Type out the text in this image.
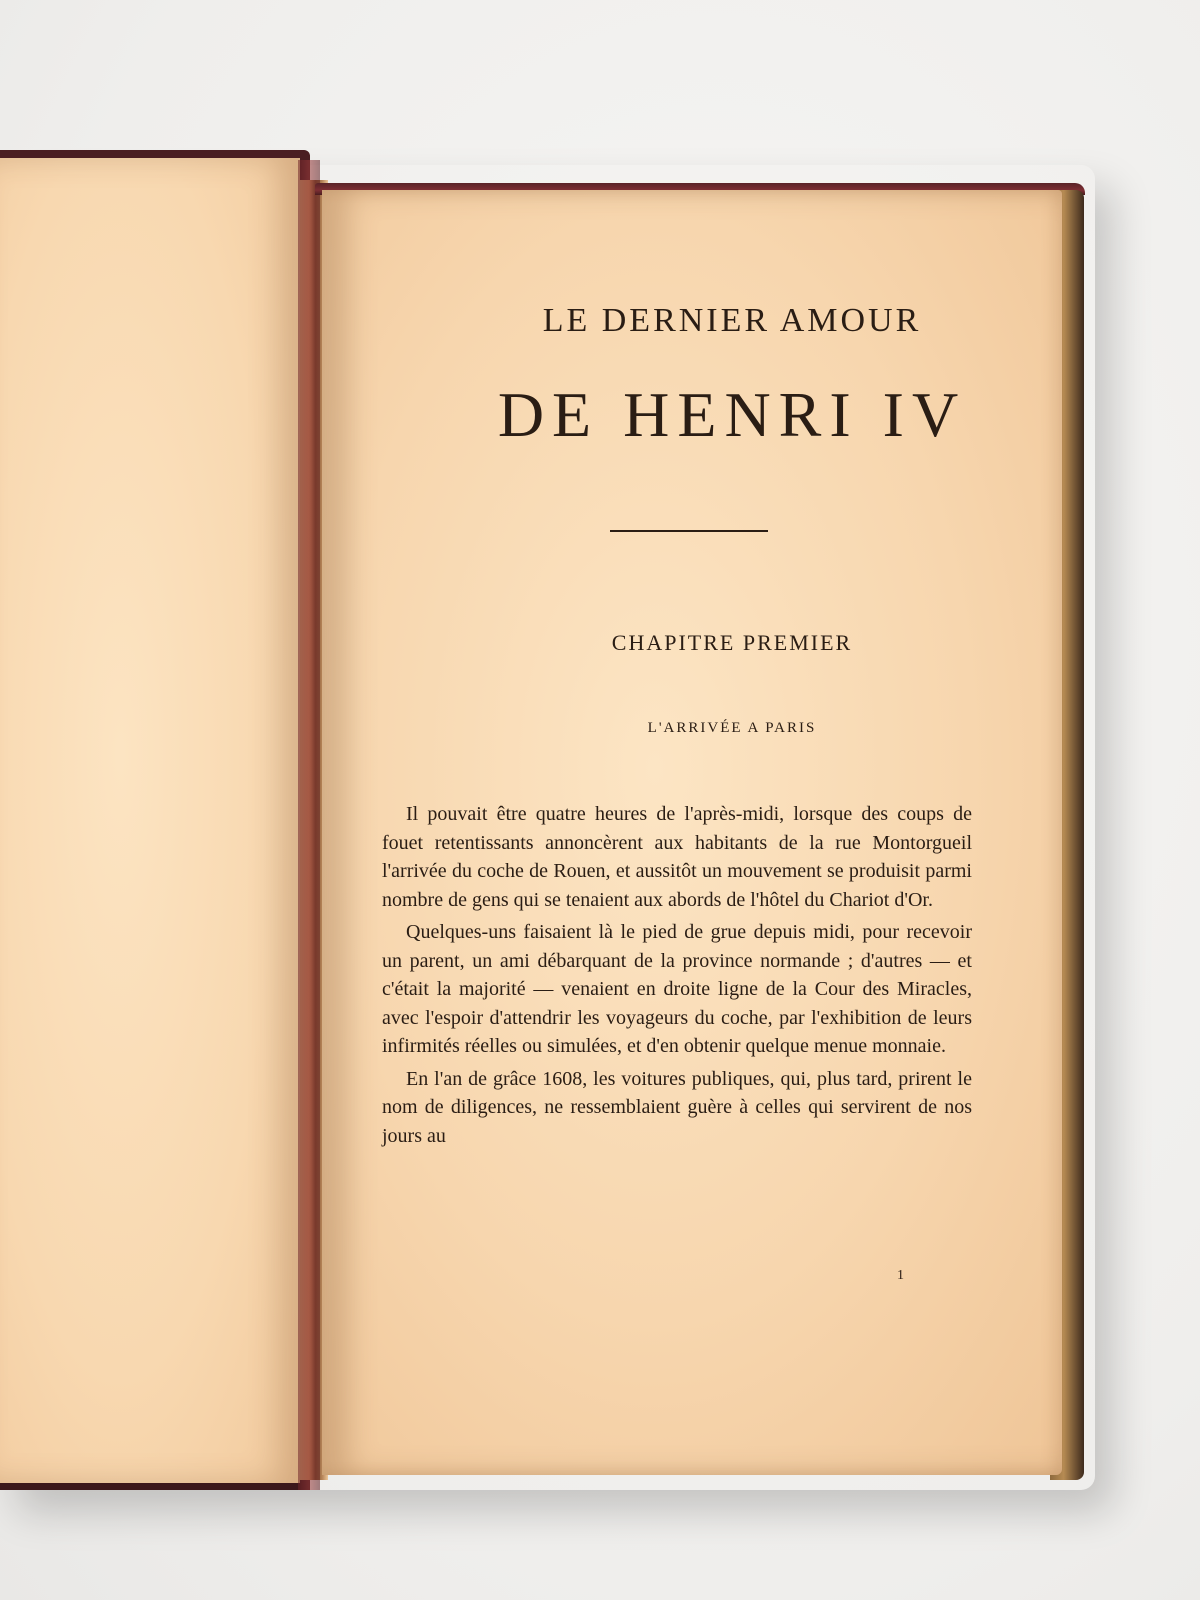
LE DERNIER AMOUR
DE HENRI IV
CHAPITRE PREMIER
L'ARRIVÉE A PARIS

Il pouvait être quatre heures de l'après-midi, lorsque des coups de fouet retentissants annoncèrent aux habitants de la rue Montorgueil l'arrivée du coche de Rouen, et aussitôt un mouvement se produisit parmi nombre de gens qui se tenaient aux abords de l'hôtel du Chariot d'Or.

Quelques-uns faisaient là le pied de grue depuis midi, pour recevoir un parent, un ami débarquant de la province normande ; d'autres — et c'était la majorité — venaient en droite ligne de la Cour des Miracles, avec l'espoir d'attendrir les voyageurs du coche, par l'exhibition de leurs infirmités réelles ou simulées, et d'en obtenir quelque menue monnaie.

En l'an de grâce 1608, les voitures publiques, qui, plus tard, prirent le nom de diligences, ne ressemblaient guère à celles qui servirent de nos jours au

1
